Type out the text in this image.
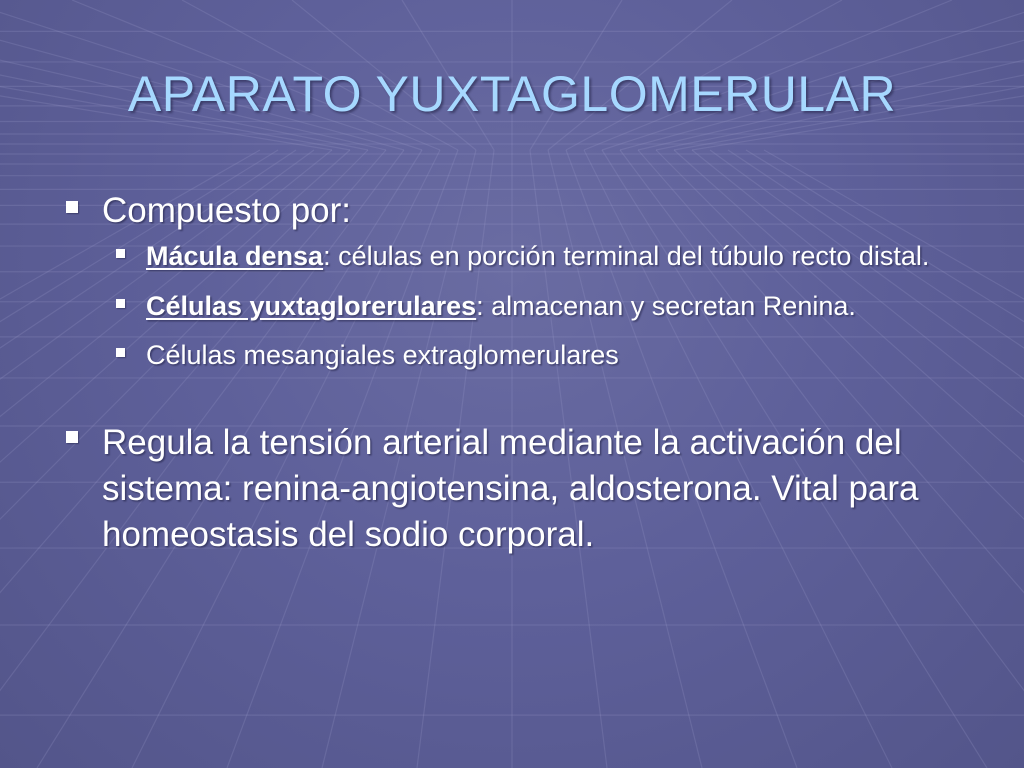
APARATO YUXTAGLOMERULAR
Compuesto por:
Mácula densa: células en porción terminal del túbulo recto distal.
Células yuxtaglorerulares: almacenan y secretan Renina.
Células mesangiales extraglomerulares
Regula la tensión arterial mediante la activación del sistema: renina-angiotensina, aldosterona. Vital para homeostasis del sodio corporal.
